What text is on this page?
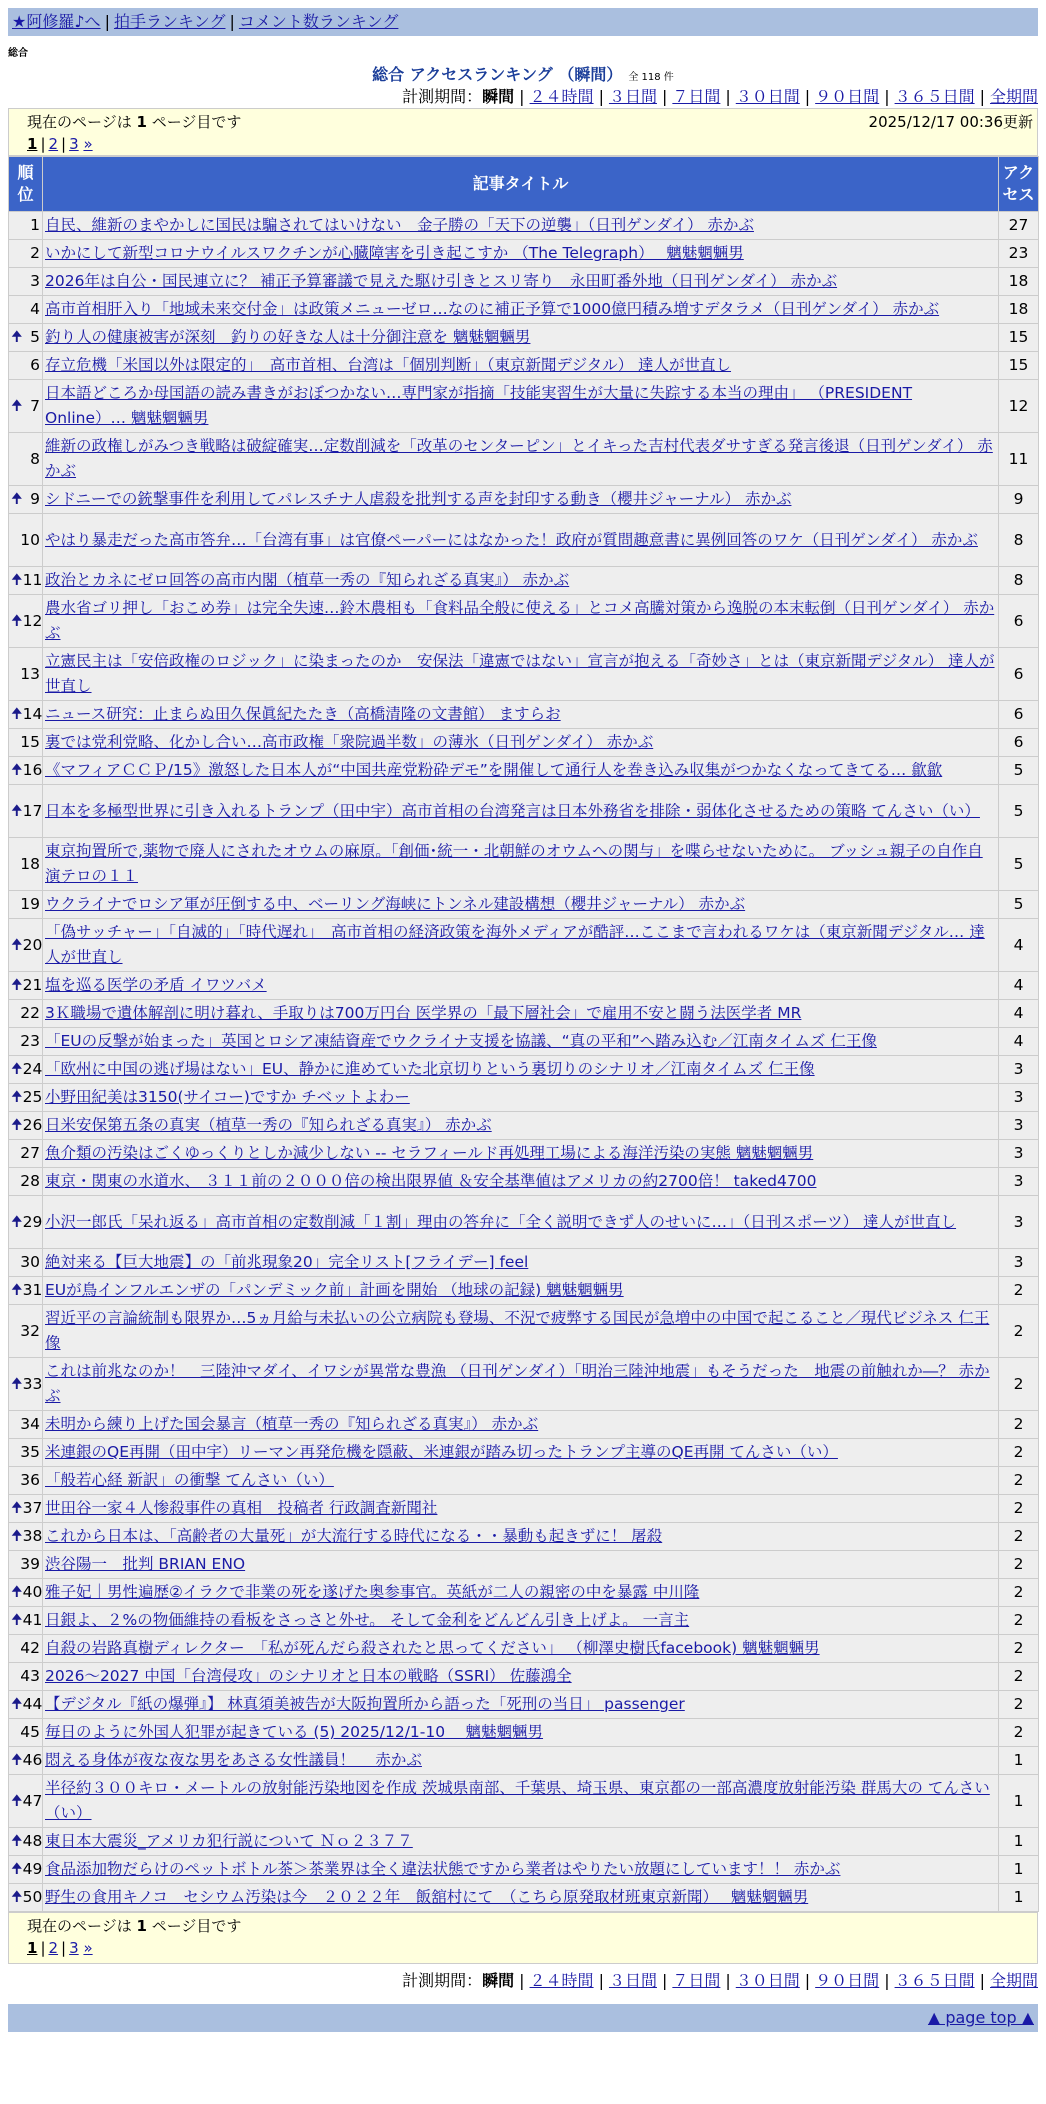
★阿修羅♪へ | 拍手ランキング | コメント数ランキング
総合
総合 アクセスランキング （瞬間） 全 118 件
計測期間：瞬間 | ２４時間 | ３日間 | ７日間 | ３０日間 | ９０日間 | ３６５日間 | 全期間
現在のページは 1 ページ目です	2025/12/17 00:36更新
1 | 2 | 3 »
順位	記事タイトル	アクセス
1	自民、維新のまやかしに国民は騙されてはいけない　金子勝の「天下の逆襲」（日刊ゲンダイ） 赤かぶ	27
2	いかにして新型コロナウイルスワクチンが心臓障害を引き起こすか （The Telegraph）　 魑魅魍魎男	23
3	2026年は自公・国民連立に？ 補正予算審議で見えた駆け引きとスリ寄り　永田町番外地（日刊ゲンダイ） 赤かぶ	18
4	高市首相肝入り「地域未来交付金」は政策メニューゼロ…なのに補正予算で1000億円積み増すデタラメ（日刊ゲンダイ） 赤かぶ	18

🠉 5	釣り人の健康被害が深刻　釣りの好きな人は十分御注意を 魑魅魍魎男	15
6	存立危機「米国以外は限定的」　高市首相、台湾は「個別判断」（東京新聞デジタル） 達人が世直し	15

🠉 7	日本語どころか母国語の読み書きがおぼつかない…専門家が指摘「技能実習生が大量に失踪する本当の理由」 （PRESIDENT Online）… 魑魅魍魎男	12
8	維新の政権しがみつき戦略は破綻確実…定数削減を「改革のセンターピン」とイキった吉村代表ダサすぎる発言後退（日刊ゲンダイ） 赤かぶ	11

🠉 9	シドニーでの銃撃事件を利用してパレスチナ人虐殺を批判する声を封印する動き（櫻井ジャーナル） 赤かぶ	9
10	やはり暴走だった高市答弁…「台湾有事」は官僚ペーパーにはなかった！政府が質問趣意書に異例回答のワケ（日刊ゲンダイ） 赤かぶ	8

🠉 11	政治とカネにゼロ回答の高市内閣（植草一秀の『知られざる真実』） 赤かぶ	8

🠉 12	農水省ゴリ押し「おこめ券」は完全失速…鈴木農相も「食料品全般に使える」とコメ高騰対策から逸脱の本末転倒（日刊ゲンダイ） 赤かぶ	6
13	立憲民主は「安倍政権のロジック」に染まったのか　安保法「違憲ではない」宣言が抱える「奇妙さ」とは（東京新聞デジタル） 達人が世直し	6

🠉 14	ニュース研究：止まらぬ田久保眞紀たたき（高橋清隆の文書館） ますらお	6
15	裏では党利党略、化かし合い…高市政権「衆院過半数」の薄氷（日刊ゲンダイ） 赤かぶ	6

🠉 16	《マフィアＣＣＰ/15》激怒した日本人が“中国共産党粉砕デモ”を開催して通行人を巻き込み収集がつかなくなってきてる… 歙歙	5

🠉 17	日本を多極型世界に引き入れるトランプ（田中宇）高市首相の台湾発言は日本外務省を排除・弱体化させるための策略 てんさい（い）	5
18	東京拘置所で,薬物で廃人にされたオウムの麻原。「創価･統一・北朝鮮のオウムへの関与」を喋らせないために。 ブッシュ親子の自作自演テロの１１	5
19	ウクライナでロシア軍が圧倒する中、ベーリング海峡にトンネル建設構想（櫻井ジャーナル） 赤かぶ	5

🠉 20	「偽サッチャー」「自滅的」「時代遅れ」　高市首相の経済政策を海外メディアが酷評…ここまで言われるワケは（東京新聞デジタル… 達人が世直し	4

🠉 21	塩を巡る医学の矛盾 イワツバメ	4
22	3Ｋ職場で遺体解剖に明け暮れ、手取りは700万円台 医学界の「最下層社会」で雇用不安と闘う法医学者 MR	4
23	「EUの反撃が始まった」英国とロシア凍結資産でウクライナ支援を協議、“真の平和”へ踏み込む／江南タイムズ 仁王像	4

🠉 24	「欧州に中国の逃げ場はない」EU、静かに進めていた北京切りという裏切りのシナリオ／江南タイムズ 仁王像	3

🠉 25	小野田紀美は3150(サイコー)ですか チベットよわー	3

🠉 26	日米安保第五条の真実（植草一秀の『知られざる真実』） 赤かぶ	3
27	魚介類の汚染はごくゆっくりとしか減少しない -- セラフィールド再処理工場による海洋汚染の実態 魑魅魍魎男	3
28	東京・関東の水道水、 ３１１前の２０００倍の検出限界値 ＆安全基準値はアメリカの約2700倍！ taked4700	3

🠉 29	小沢一郎氏「呆れ返る」高市首相の定数削減「１割」理由の答弁に「全く説明できず人のせいに…」（日刊スポーツ） 達人が世直し	3
30	絶対来る【巨大地震】の「前兆現象20」完全リスト[フライデー] feel	3

🠉 31	EUが鳥インフルエンザの「パンデミック前」計画を開始 （地球の記録) 魑魅魍魎男	2
32	習近平の言論統制も限界か…5ヵ月給与未払いの公立病院も登場、不況で疲弊する国民が急増中の中国で起こること／現代ビジネス 仁王像	2

🠉 33	これは前兆なのか！　三陸沖マダイ、イワシが異常な豊漁 （日刊ゲンダイ）「明治三陸沖地震」もそうだった　地震の前触れか―？ 赤かぶ	2
34	未明から練り上げた国会暴言（植草一秀の『知られざる真実』） 赤かぶ	2
35	米連銀のQE再開（田中宇）リーマン再発危機を隠蔽、米連銀が踏み切ったトランプ主導のQE再開 てんさい（い）	2
36	「般若心経 新訳」の衝撃 てんさい（い）	2

🠉 37	世田谷一家４人惨殺事件の真相　投稿者 行政調査新聞社	2

🠉 38	これから日本は、「高齢者の大量死」が大流行する時代になる・・暴動も起きずに！ 屠殺	2
39	渋谷陽一　批判 BRIAN ENO	2

🠉 40	雅子妃｜男性遍歴②イラクで非業の死を遂げた奥参事官。英紙が二人の親密の中を暴露 中川隆	2

🠉 41	日銀よ、２%の物価維持の看板をさっさと外せ。 そして金利をどんどん引き上げよ。 一言主	2
42	自殺の岩路真樹ディレクター　「私が死んだら殺されたと思ってください」 （柳澤史樹氏facebook) 魑魅魍魎男	2
43	2026〜2027 中国「台湾侵攻」のシナリオと日本の戦略（SSRI） 佐藤鴻全	2

🠉 44	【デジタル『紙の爆弾』】 林真須美被告が大阪拘置所から語った「死刑の当日」 passenger	2
45	毎日のように外国人犯罪が起きている (5) 2025/12/1-10 　魑魅魍魎男	2

🠉 46	悶える身体が夜な夜な男をあさる女性議員！　 赤かぶ	1

🠉 47	半径約３００キロ・メートルの放射能汚染地図を作成 茨城県南部、千葉県、埼玉県、東京都の一部高濃度放射能汚染 群馬大の てんさい（い）	1

🠉 48	東日本大震災_アメリカ犯行説について Ｎｏ２３７７	1

🠉 49	食品添加物だらけのペットボトル茶＞茶業界は全く違法状態ですから業者はやりたい放題にしています！！ 赤かぶ	1

🠉 50	野生の食用キノコ　セシウム汚染は今　２０２２年　飯舘村にて　（こちら原発取材班東京新聞）　 魑魅魍魎男	1
現在のページは 1 ページ目です
1 | 2 | 3 »
計測期間：瞬間 | ２４時間 | ３日間 | ７日間 | ３０日間 | ９０日間 | ３６５日間 | 全期間
▲ page top ▲
